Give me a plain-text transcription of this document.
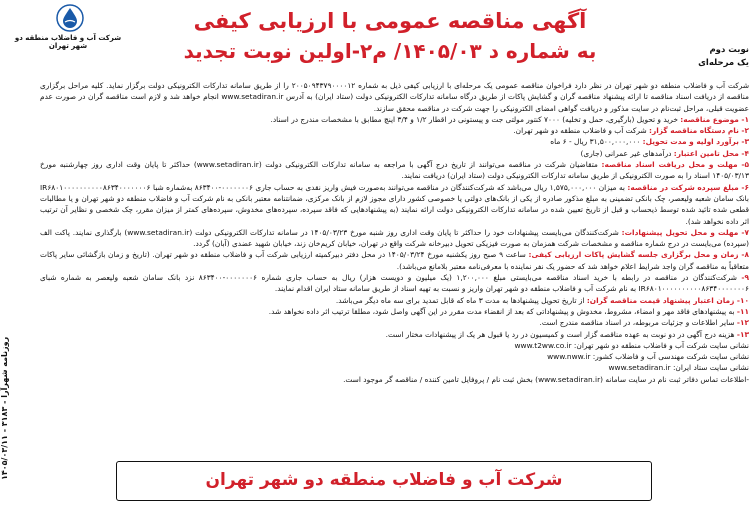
شرکت آب و فاضلاب منطقه دو شهر تهران
آگهی مناقصه عمومی با ارزیابی کیفی
به شماره د ۱۴۰۵/۰۳/ م۲-اولین نوبت تجدید	نوبت دوم
یک مرحله‌ای

شرکت آب و فاضلاب منطقه دو شهر تهران در نظر دارد فراخوان مناقصه عمومی یک مرحله‌ای با ارزیابی کیفی ذیل به شماره ۲۰۰۵۰۹۴۳۷۹۰۰۰۰۱۲ را از طریق سامانه تدارکات الکترونیکی دولت برگزار نماید. کلیه مراحل برگزاری مناقصه از دریافت اسناد مناقصه تا ارائه پیشنهاد مناقصه گران و گشایش پاکات از طریق درگاه سامانه تدارکات الکترونیکی دولت (ستاد ایران) به آدرس www.setadiran.ir انجام خواهد شد و لازم است مناقصه گران در صورت عدم عضویت قبلی، مراحل ثبت‌نام در سایت مذکور و دریافت گواهی امضای الکترونیکی را جهت شرکت در مناقصه محقق سازند.

۱- موضوع مناقصه: خرید و تحویل (بارگیری، حمل و تخلیه) ۷۰۰۰ کنتور مولتی جت و پیستونی در اقطار ۱/۲ و ۳/۴ اینچ مطابق با مشخصات مندرج در اسناد.

۲- نام دستگاه مناقصه گزار: شرکت آب و فاضلاب منطقه دو شهر تهران.

۳- برآورد اولیه و مدت تحویل: ۳۱,۵۰۰,۰۰۰,۰۰۰ ریال - ۶ ماه

۴- محل تامین اعتبار: درآمدهای غیر عمرانی (جاری)

۵- مهلت و محل دریافت اسناد مناقصه: متقاضیان شرکت در مناقصه می‌توانند از تاریخ درج آگهی با مراجعه به سامانه تدارکات الکترونیکی دولت (www.setadiran.ir) حداکثر تا پایان وقت اداری روز چهارشنبه مورخ ۱۴۰۵/۰۳/۱۳ اسناد را به صورت الکترونیکی از طریق سامانه تدارکات الکترونیکی دولت (ستاد ایران) دریافت نمایند.

۶- مبلغ سپرده شرکت در مناقصه: به میزان ۱,۵۷۵,۰۰۰,۰۰۰ ریال می‌باشد که شرکت‌کنندگان در مناقصه می‌توانند به‌صورت فیش واریز نقدی به حساب جاری ۰۰۰۰۰۰۰۶-۸۶۳۴۰۰ به‌شماره شبا IR۶۸۰۱۰۰۰۰۰۰۰۰۰۰۸۶۳۴۰۰۰۰۰۰۰۶ بانک سامان شعبه ولیعصر، چک بانکی تضمینی به مبلغ مذکور صادره از یکی از بانک‌های دولتی یا خصوصی کشور دارای مجوز لازم از بانک مرکزی، ضمانتنامه معتبر بانکی به نام شرکت آب و فاضلاب منطقه دو شهر تهران و یا مطالبات قطعی شده تائید شده توسط ذیحساب و قبل از تاریخ تعیین شده در سامانه تدارکات الکترونیکی دولت ارائه نمایند (به پیشنهادهایی که فاقد سپرده، سپرده‌های مخدوش، سپرده‌های کمتر از میزان مقرر، چک شخصی و نظایر آن ترتیب اثر داده نخواهد شد).

۷- مهلت و محل تحویل پیشنهادات: شرکت‌کنندگان می‌بایست پیشنهادات خود را حداکثر تا پایان وقت اداری روز شنبه مورخ ۱۴۰۵/۰۳/۲۳ در سامانه تدارکات الکترونیکی دولت (www.setadiran.ir) بارگذاری نمایند. پاکت الف (سپرده) می‌بایست در درج شماره مناقصه و مشخصات شرکت همزمان به صورت فیزیکی تحویل دبیرخانه شرکت واقع در تهران، خیابان کریم‌خان زند، خیابان شهید عضدی (آبان) گردد.

۸- زمان و محل برگزاری جلسه گشایش پاکات ارزیابی کیفی: ساعت ۹ صبح روز یکشنبه مورخ ۱۴۰۵/۰۳/۲۴ در محل دفتر دبیرکمیته ارزیابی شرکت آب و فاضلاب منطقه دو شهر تهران. (تاریخ و زمان بازگشائی سایر پاکات متعاقباً به مناقصه گران واجد شرایط اعلام خواهد شد که حضور یک نفر نماینده با معرفی‌نامه معتبر بلامانع می‌باشد).

۹- شرکت‌کنندگان در مناقصه در رابطه با خرید اسناد مناقصه می‌بایستی مبلغ ۱,۲۰۰,۰۰۰ (یک میلیون و دویست هزار) ریال به حساب جاری شماره ۰۰۰۰۰۰۰۶-۸۶۳۴۰۰ نزد بانک سامان شعبه ولیعصر به شماره شبای IR۶۸۰۱۰۰۰۰۰۰۰۰۰۰۸۶۳۴۰۰۰۰۰۰۰۶ به نام شرکت آب و فاضلاب منطقه دو شهر تهران واریز و نسبت به تهیه اسناد از طریق سامانه ستاد ایران اقدام نمایند.

۱۰- زمان اعتبار پیشنهاد قیمت مناقصه گران: از تاریخ تحویل پیشنهادها به مدت ۳ ماه که قابل تمدید برای سه ماه دیگر می‌باشد.

۱۱- به پیشنهادهای فاقد مهر و امضاء، مشروط، مخدوش و پیشنهاداتی که بعد از انقضاء مدت مقرر در این آگهی واصل شود، مطلقا ترتیب اثر داده نخواهد شد.

۱۲- سایر اطلاعات و جزئیات مربوطه، در اسناد مناقصه مندرج است.

۱۳- هزینه درج آگهی در دو نوبت به عهده مناقصه گزار است و کمیسیون در رد یا قبول هر یک از پیشنهادات مختار است.

نشانی سایت شرکت آب و فاضلاب منطقه دو شهر تهران: www.t2ww.co.ir

نشانی سایت شرکت مهندسی آب و فاضلاب کشور: www.nww.ir

نشانی سایت ستاد ایران: www.setadiran.ir

-اطلاعات تماس دفاتر ثبت نام در سایت سامانه (www.setadiran.ir) بخش ثبت نام / پروفایل تامین کننده / مناقصه گر موجود است.

روزنامه شهرآرا - ۳۱۸۳ - ۱۴۰۵/۰۳/۱۱
شرکت آب و فاضلاب منطقه دو شهر تهران
